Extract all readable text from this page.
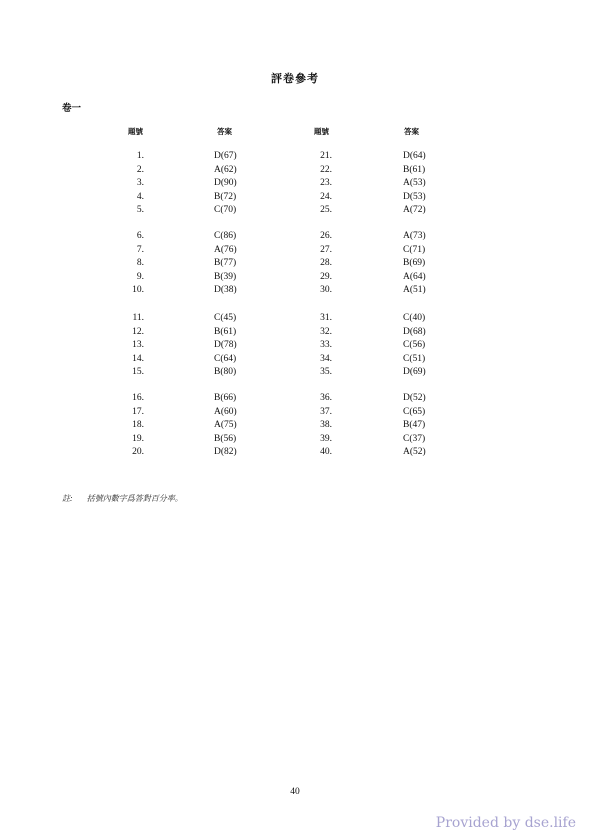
評卷參考
卷一
題號	答案	題號	答案
1.	D(67)	21.	D(64)
2.	A(62)	22.	B(61)
3.	D(90)	23.	A(53)
4.	B(72)	24.	D(53)
5.	C(70)	25.	A(72)
6.	C(86)	26.	A(73)
7.	A(76)	27.	C(71)
8.	B(77)	28.	B(69)
9.	B(39)	29.	A(64)
10.	D(38)	30.	A(51)
11.	C(45)	31.	C(40)
12.	B(61)	32.	D(68)
13.	D(78)	33.	C(56)
14.	C(64)	34.	C(51)
15.	B(80)	35.	D(69)
16.	B(66)	36.	D(52)
17.	A(60)	37.	C(65)
18.	A(75)	38.	B(47)
19.	B(56)	39.	C(37)
20.	D(82)	40.	A(52)
註: 括號內數字爲答對百分率。
40
Provided by dse.life
